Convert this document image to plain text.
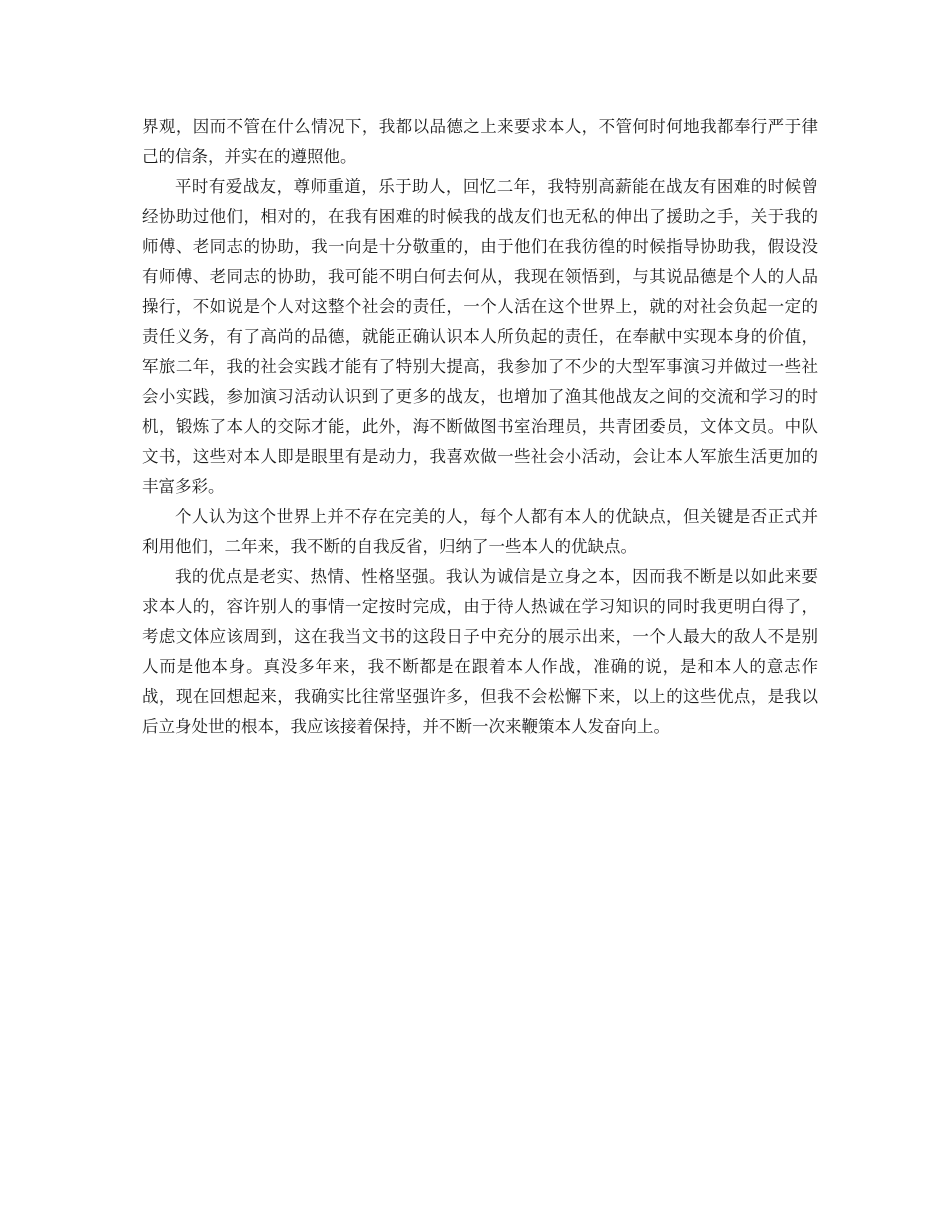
界观，因而不管在什么情况下，我都以品德之上来要求本人，不管何时何地我都奉行严于律己的信条，并实在的遵照他。

平时有爱战友，尊师重道，乐于助人，回忆二年，我特别高薪能在战友有困难的时候曾经协助过他们，相对的，在我有困难的时候我的战友们也无私的伸出了援助之手，关于我的师傅、老同志的协助，我一向是十分敬重的，由于他们在我彷徨的时候指导协助我，假设没有师傅、老同志的协助，我可能不明白何去何从，我现在领悟到，与其说品德是个人的人品操行，不如说是个人对这整个社会的责任，一个人活在这个世界上，就的对社会负起一定的责任义务，有了高尚的品德，就能正确认识本人所负起的责任，在奉献中实现本身的价值，军旅二年，我的社会实践才能有了特别大提高，我参加了不少的大型军事演习并做过一些社会小实践，参加演习活动认识到了更多的战友，也增加了渔其他战友之间的交流和学习的时机，锻炼了本人的交际才能，此外，海不断做图书室治理员，共青团委员，文体文员。中队文书，这些对本人即是眼里有是动力，我喜欢做一些社会小活动，会让本人军旅生活更加的丰富多彩。

个人认为这个世界上并不存在完美的人，每个人都有本人的优缺点，但关键是否正式并利用他们，二年来，我不断的自我反省，归纳了一些本人的优缺点。

我的优点是老实、热情、性格坚强。我认为诚信是立身之本，因而我不断是以如此来要求本人的，容许别人的事情一定按时完成，由于待人热诚在学习知识的同时我更明白得了，考虑文体应该周到，这在我当文书的这段日子中充分的展示出来，一个人最大的敌人不是别人而是他本身。真没多年来，我不断都是在跟着本人作战，准确的说，是和本人的意志作战，现在回想起来，我确实比往常坚强许多，但我不会松懈下来，以上的这些优点，是我以后立身处世的根本，我应该接着保持，并不断一次来鞭策本人发奋向上。
